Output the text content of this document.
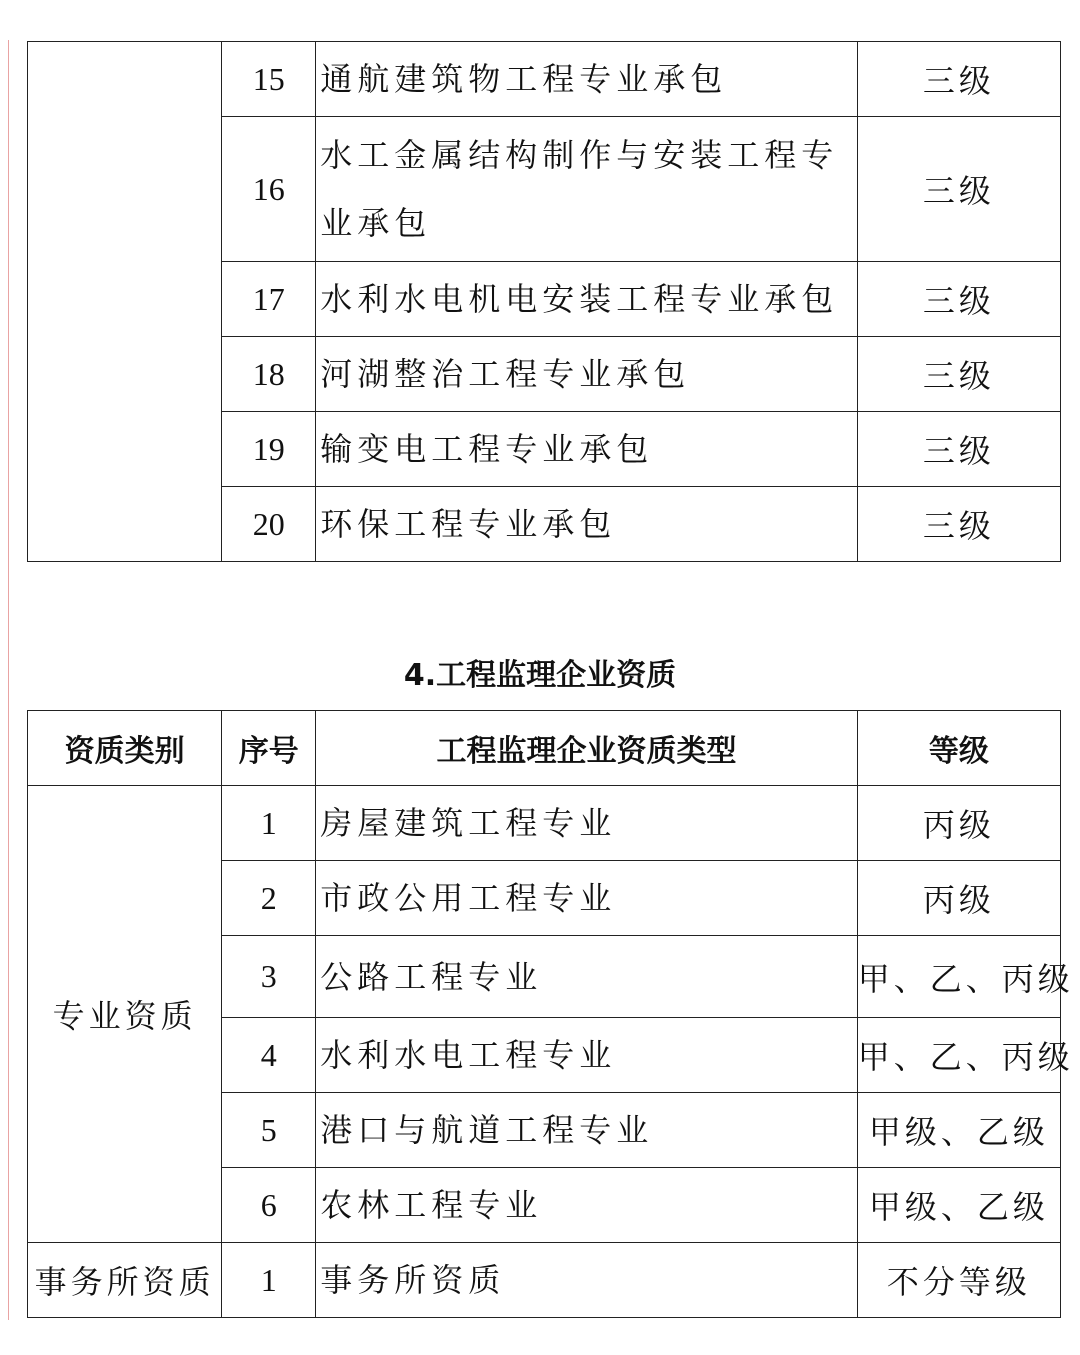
	15	通航建筑物工程专业承包	三级
	16	水工金属结构制作与安装工程专业承包	三级
	17	水利水电机电安装工程专业承包	三级
	18	河湖整治工程专业承包	三级
	19	输变电工程专业承包	三级
	20	环保工程专业承包	三级
4.工程监理企业资质
资质类别	序号	工程监理企业资质类型	等级
专业资质	1	房屋建筑工程专业	丙级
	2	市政公用工程专业	丙级
	3	公路工程专业	甲、乙、丙级
	4	水利水电工程专业	甲、乙、丙级
	5	港口与航道工程专业	甲级、乙级
	6	农林工程专业	甲级、乙级
事务所资质	1	事务所资质	不分等级
